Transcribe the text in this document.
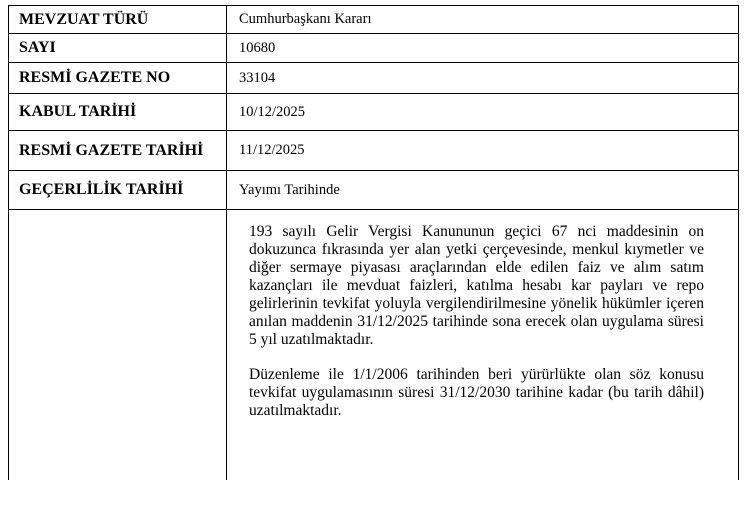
MEVZUAT TÜRÜ	Cumhurbaşkanı Kararı
SAYI	10680
RESMİ GAZETE NO	33104
KABUL TARİHİ	10/12/2025
RESMİ GAZETE TARİHİ	11/12/2025
GEÇERLİLİK TARİHİ	Yayımı Tarihinde

	193 sayılı Gelir Vergisi Kanununun geçici 67 nci maddesinin on dokuzunca fıkrasında yer alan yetki çerçevesinde, menkul kıymetler ve diğer sermaye piyasası araçlarından elde edilen faiz ve alım satım kazançları ile mevduat faizleri, katılma hesabı kar payları ve repo gelirlerinin tevkifat yoluyla vergilendirilmesine yönelik hükümler içeren anılan maddenin 31/12/2025 tarihinde sona erecek olan uygulama süresi 5 yıl uzatılmaktadır.

Düzenleme ile 1/1/2006 tarihinden beri yürürlükte olan söz konusu tevkifat uygulamasının süresi 31/12/2030 tarihine kadar (bu tarih dâhil) uzatılmaktadır.
